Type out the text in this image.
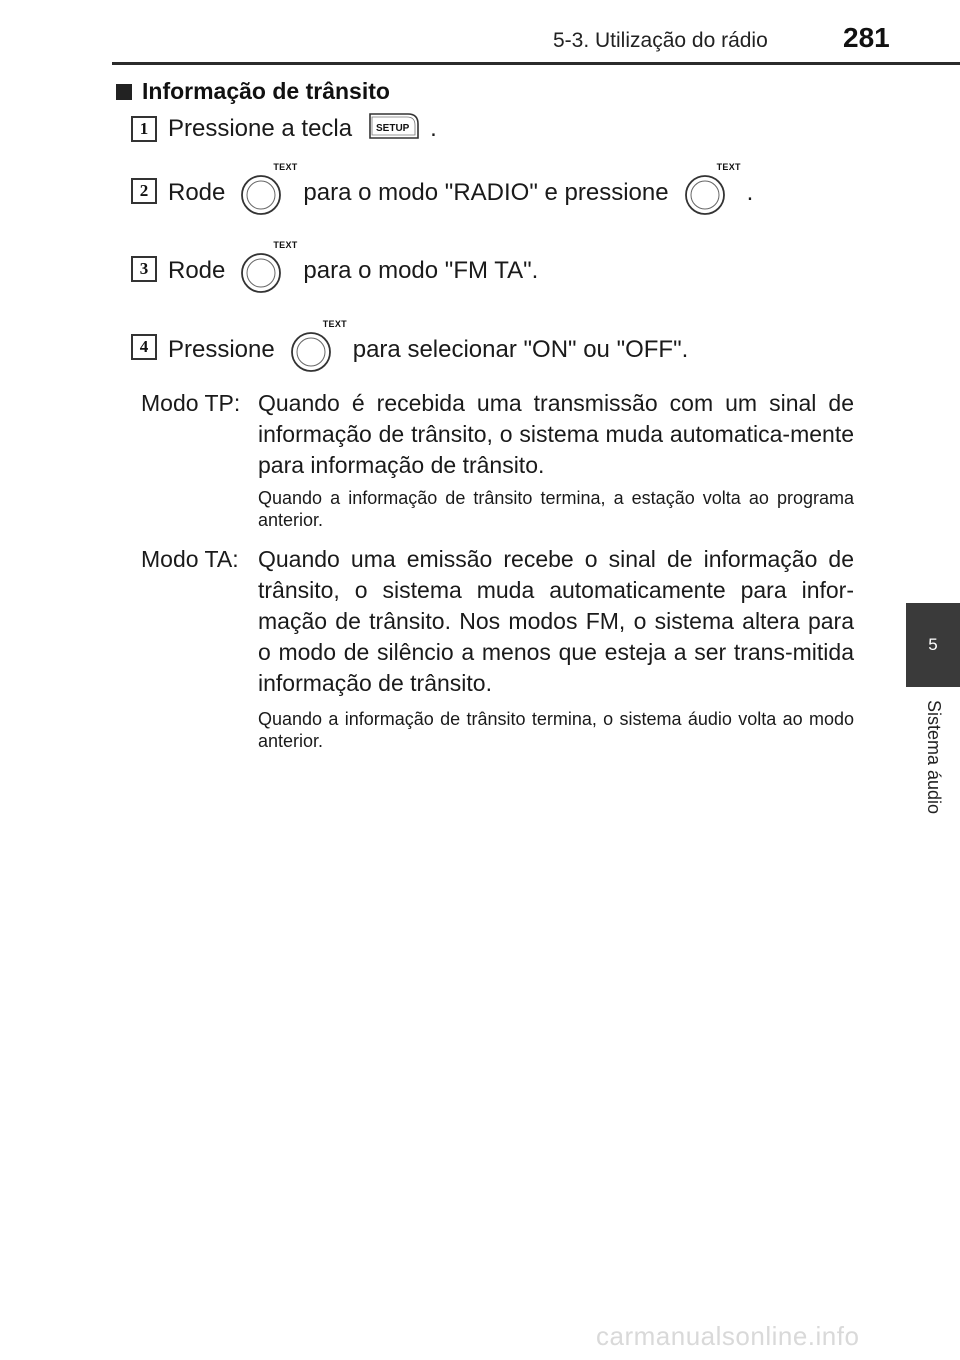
5-3. Utilização do rádio	281
5
Sistema áudio
Informação de trânsito
1 Pressione a tecla SETUP .
2 Rode
TEXT
para o modo "RADIO" e pressione
TEXT
.
3 Rode
TEXT
para o modo "FM TA".
4 Pressione
TEXT
para selecionar "ON" ou "OFF".
Modo TP: Quando é recebida uma transmissão com um sinal de informação de trânsito, o sistema muda automatica-mente para informação de trânsito.
Quando a informação de trânsito termina, a estação volta ao programa anterior.
Modo TA: Quando uma emissão recebe o sinal de informação de trânsito, o sistema muda automaticamente para infor-mação de trânsito. Nos modos FM, o sistema altera para o modo de silêncio a menos que esteja a ser trans-mitida informação de trânsito.
Quando a informação de trânsito termina, o sistema áudio volta ao modo anterior.
carmanualsonline.info
